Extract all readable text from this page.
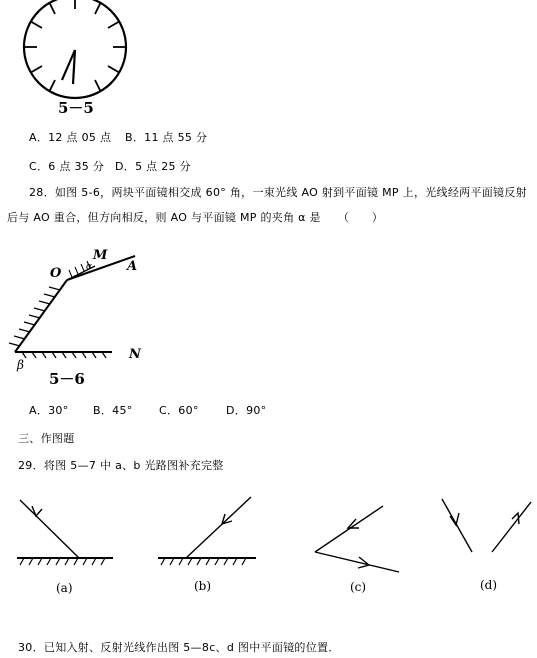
5－5
A．12 点 05 点 B．11 点 55 分
C．6 点 35 分 D．5 点 25 分
28．如图 5-6，两块平面镜相交成 60° 角，一束光线 AO 射到平面镜 MP 上，光线经两平面镜反射
后与 AO 重合，但方向相反，则 AO 与平面镜 MP 的夹角 α 是　　（　　）
O
M
α	A
N
β
5－6
A．30° B．45° C．60° D．90°
三、作图题
29．将图 5—7 中 a、b 光路图补充完整
(a)	(b)	(c)	(d)
30．已知入射、反射光线作出图 5—8c、d 图中平面镜的位置．
